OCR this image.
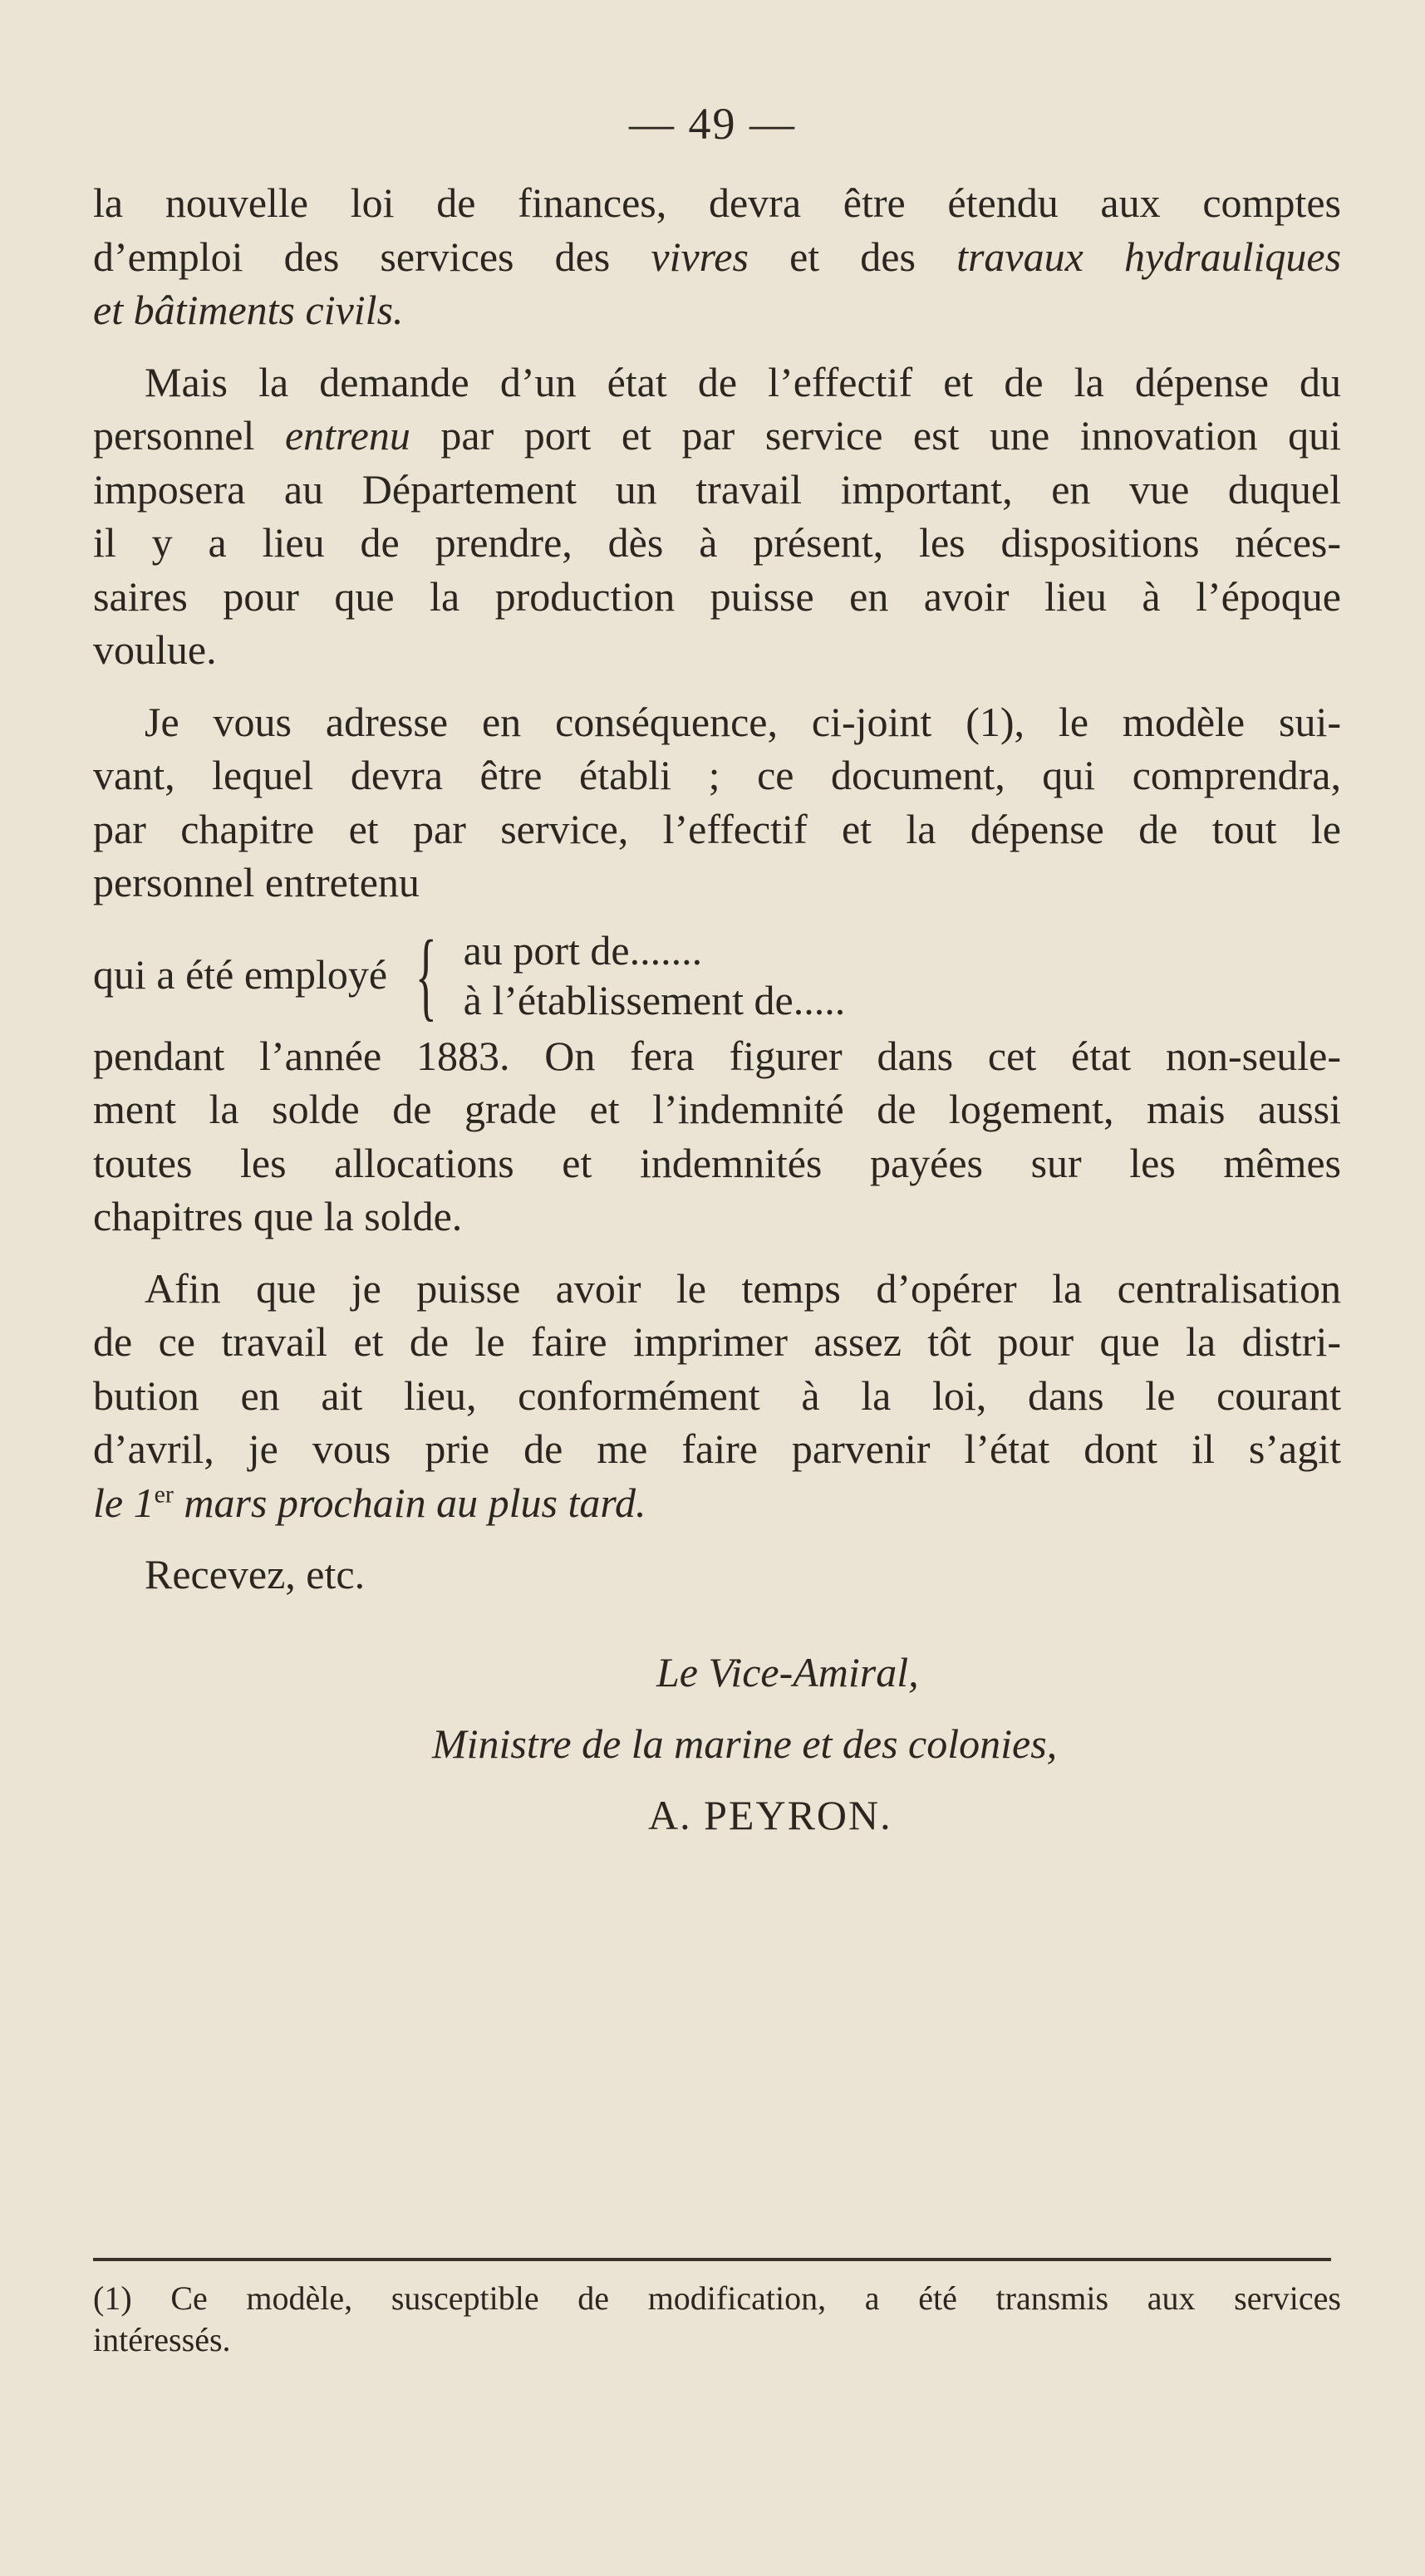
— 49 —

la nouvelle loi de finances, devra être étendu aux comptes
d’emploi des services des vivres et des travaux hydrauliques
et bâtiments civils.

Mais la demande d’un état de l’effectif et de la dépense du
personnel entrenu par port et par service est une innovation qui
imposera au Département un travail important, en vue duquel
il y a lieu de prendre, dès à présent, les dispositions néces-
saires pour que la production puisse en avoir lieu à l’époque
voulue.

Je vous adresse en conséquence, ci-joint (1), le modèle sui-
vant, lequel devra être établi ; ce document, qui comprendra,
par chapitre et par service, l’effectif et la dépense de tout le
personnel entretenu

qui a été employé { au port de.......
à l’établissement de.....

pendant l’année 1883. On fera figurer dans cet état non-seule-
ment la solde de grade et l’indemnité de logement, mais aussi
toutes les allocations et indemnités payées sur les mêmes
chapitres que la solde.

Afin que je puisse avoir le temps d’opérer la centralisation
de ce travail et de le faire imprimer assez tôt pour que la distri-
bution en ait lieu, conformément à la loi, dans le courant
d’avril, je vous prie de me faire parvenir l’état dont il s’agit
le 1er mars prochain au plus tard.

Recevez, etc.

Le Vice-Amiral,
Ministre de la marine et des colonies,
A. PEYRON.
(1) Ce modèle, susceptible de modification, a été transmis aux services
intéressés.
